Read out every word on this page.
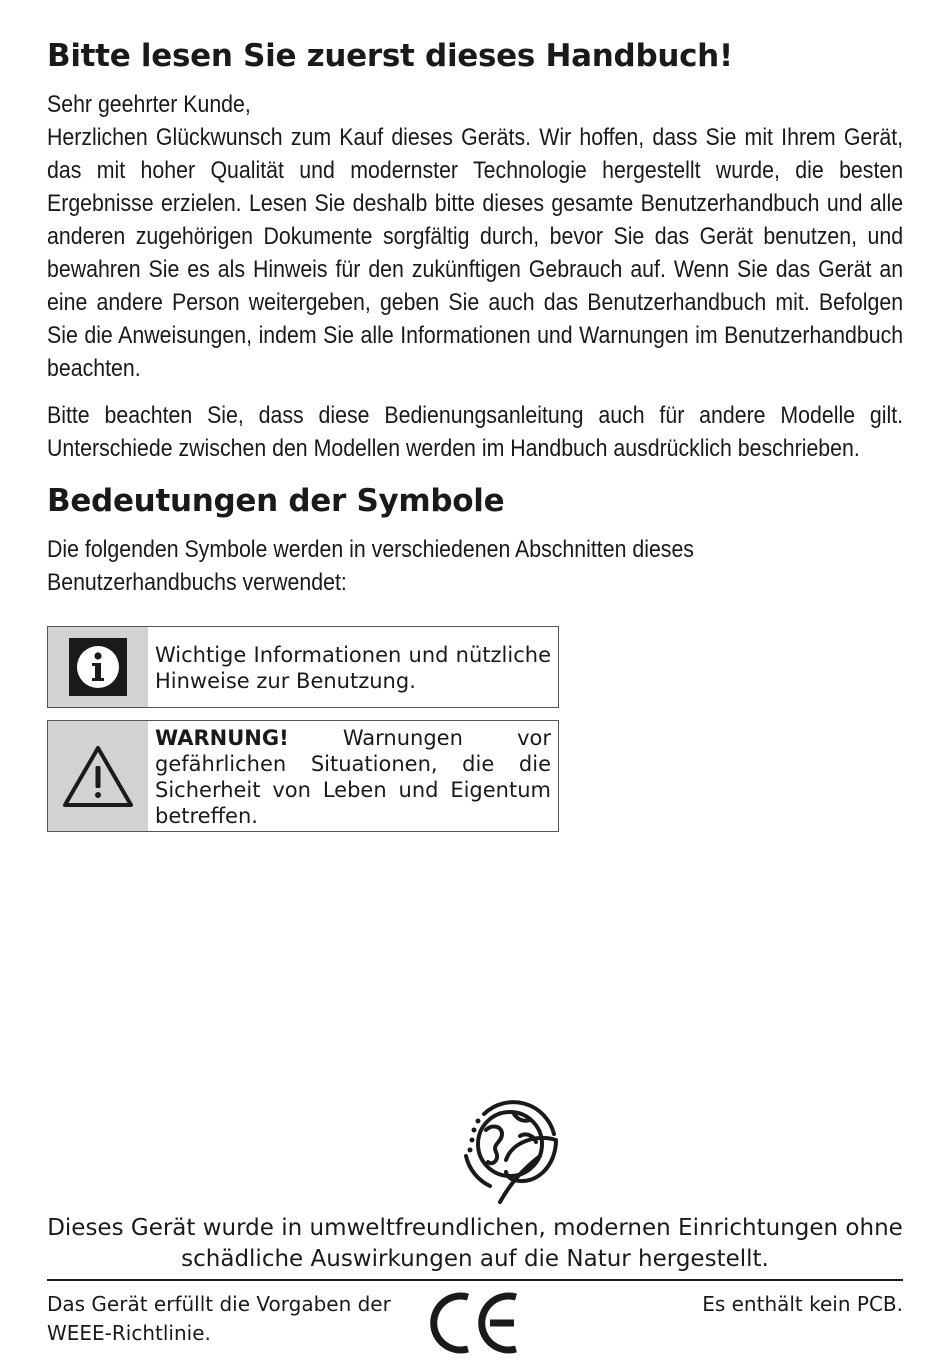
Bitte lesen Sie zuerst dieses Handbuch!

Sehr geehrter Kunde,

Herzlichen Glückwunsch zum Kauf dieses Geräts. Wir hoffen, dass Sie mit Ihrem Gerät, das mit hoher Qualität und modernster Technologie hergestellt wurde, die besten Ergebnisse erzielen. Lesen Sie deshalb bitte dieses gesamte Benutzerhandbuch und alle anderen zugehörigen Dokumente sorgfältig durch, bevor Sie das Gerät benutzen, und bewahren Sie es als Hinweis für den zukünftigen Gebrauch auf. Wenn Sie das Gerät an eine andere Person weitergeben, geben Sie auch das Benutzerhandbuch mit. Befolgen Sie die Anweisungen, indem Sie alle Informationen und Warnungen im Benutzerhandbuch beachten.

Bitte beachten Sie, dass diese Bedienungsanleitung auch für andere Modelle gilt. Unterschiede zwischen den Modellen werden im Handbuch ausdrücklich beschrieben.

Bedeutungen der Symbole

Die folgenden Symbole werden in verschiedenen Abschnitten dieses Benutzerhandbuchs verwendet:

Wichtige Informationen und nützliche Hinweise zur Benutzung.
WARNUNG!	Warnungen	vor
gefährlichen Situationen, die die Sicherheit von Leben und Eigentum betreffen.
Dieses Gerät wurde in umweltfreundlichen, modernen Einrichtungen ohne schädliche Auswirkungen auf die Natur hergestellt.
Das Gerät erfüllt die Vorgaben der WEEE-Richtlinie.
CE
Es enthält kein PCB.
